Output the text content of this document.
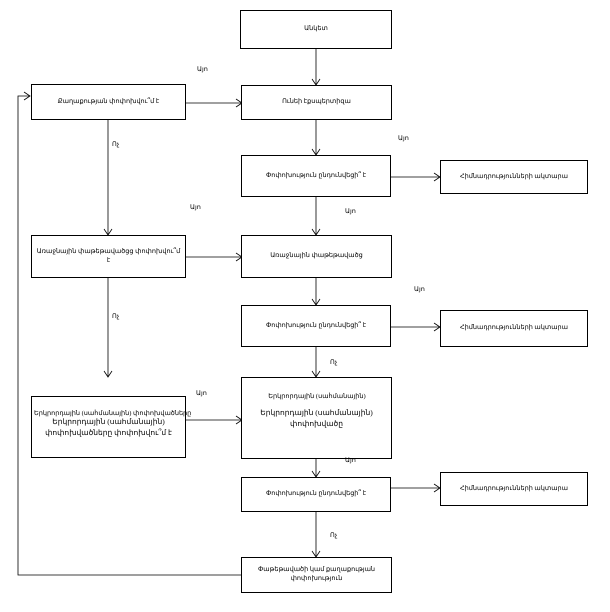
Անկետ
Քաղաքության փոփոխվու՞մ է	Ունեի էքսպերտիզա
Փոփոխություն ընդունվեցի՞ է	Հիմնադրությունների ակտարա
Առաջնային փաթեթավածցց փոփոխվու՞մ է
Առաջնային փաթեթավածց
Փոփոխություն ընդունվեցի՞ է	Հիմնադրությունների ակտարա
Երկրորդային (սահմանային) փոփոխվածները փոփոխվու՞մ է
Երկրորդային (սահմանային) փոփոխվածը
Փոփոխություն ընդունվեցի՞ է
Հիմնադրությունների ակտարա
Փաթեթավածի կամ քաղաքության փոփոխություն
Երկրորդային (սահմանային) փոփոխվածները
Երկրորդային (սահմանային)
Այո
Ոչ
Այո
Այո
Այո
Ոչ
Այո
Ոչ
Այո
Այո
Ոչ
